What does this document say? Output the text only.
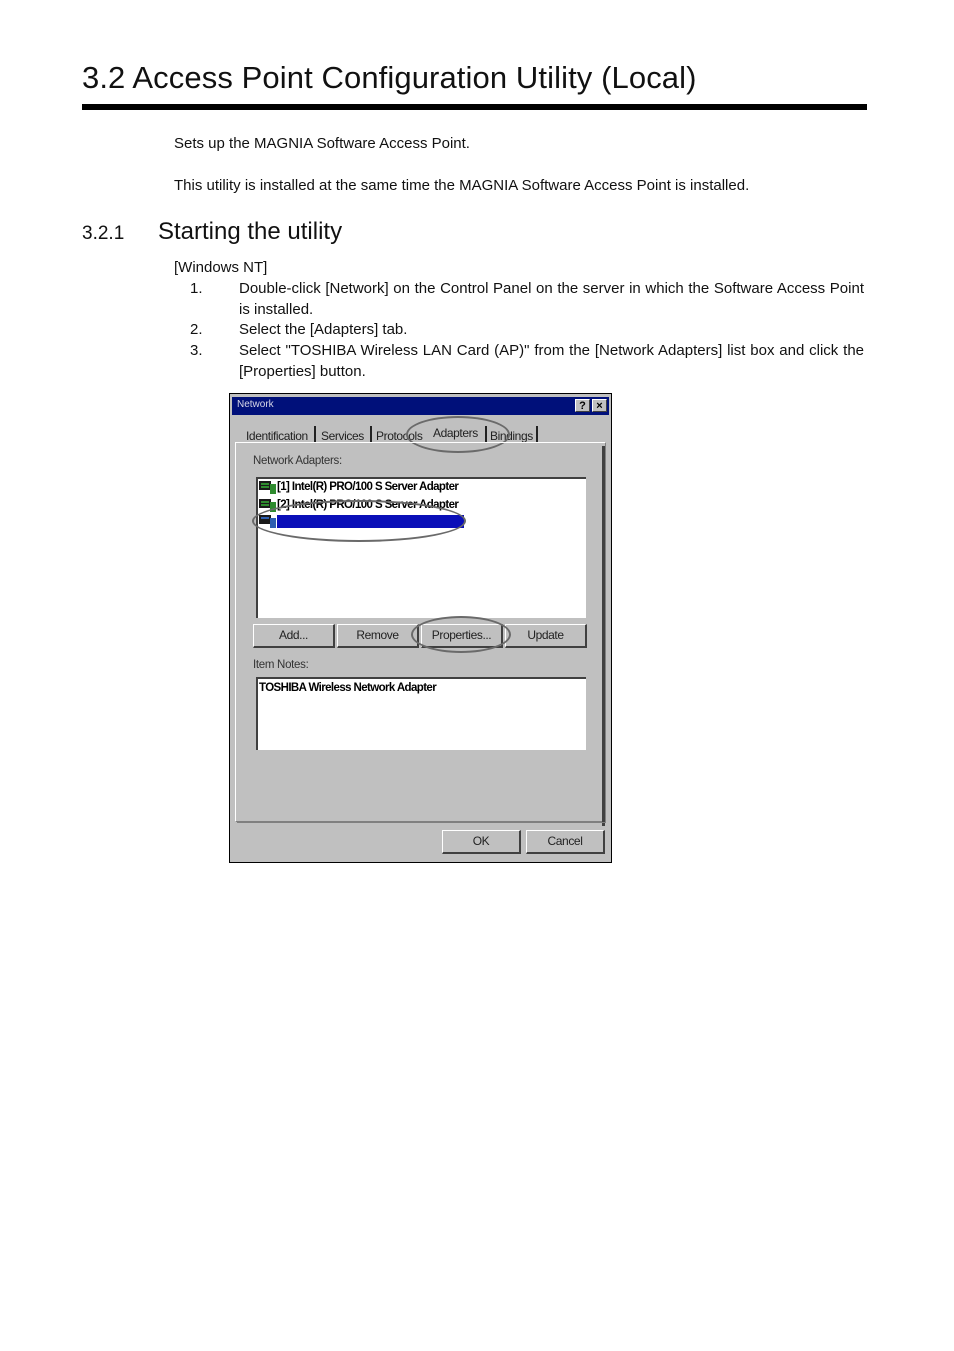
3.2 Access Point Configuration Utility (Local)
Sets up the MAGNIA Software Access Point.
This utility is installed at the same time the MAGNIA Software Access Point is installed.
3.2.1 Starting the utility
[Windows NT]
1. Double-click [Network] on the Control Panel on the server in which the Software Access Point is installed.
2. Select the [Adapters] tab.
3. Select "TOSHIBA Wireless LAN Card (AP)" from the [Network Adapters] list box and click the [Properties] button.
Network	? ×
Identification Services Protocols Adapters Bindings
Network Adapters:
[1] Intel(R) PRO/100 S Server Adapter
[2] Intel(R) PRO/100 S Server Adapter
Add...	Remove	Properties...	Update
Item Notes:
TOSHIBA Wireless Network Adapter
OK	Cancel
